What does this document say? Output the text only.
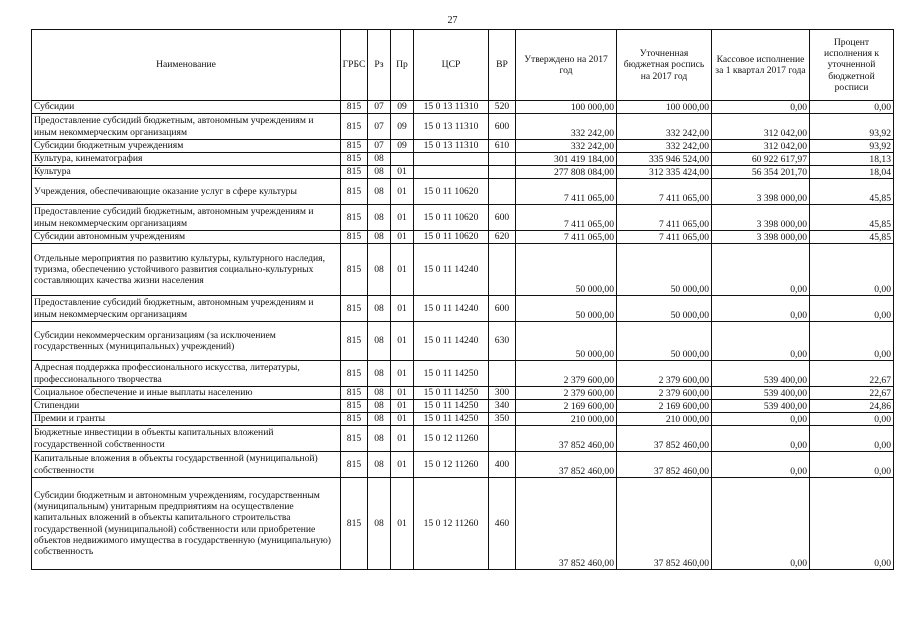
27
Наименование	ГРБС	Рз	Пр	ЦСР	ВР	Утверждено на 2017 год	Уточненная бюджетная роспись на 2017 год	Кассовое исполнение за 1 квартал 2017 года	Процент исполнения к уточненной бюджетной росписи
Субсидии	815	07	09	15 0 13 11310	520	100 000,00	100 000,00	0,00	0,00
Предоставление субсидий бюджетным, автономным учреждениям и иным некоммерческим организациям	815	07	09	15 0 13 11310	600	332 242,00	332 242,00	312 042,00	93,92
Субсидии бюджетным учреждениям	815	07	09	15 0 13 11310	610	332 242,00	332 242,00	312 042,00	93,92
Культура, кинематография	815	08				301 419 184,00	335 946 524,00	60 922 617,97	18,13
Культура	815	08	01			277 808 084,00	312 335 424,00	56 354 201,70	18,04
Учреждения, обеспечивающие оказание услуг в сфере культуры	815	08	01	15 0 11 10620		7 411 065,00	7 411 065,00	3 398 000,00	45,85
Предоставление субсидий бюджетным, автономным учреждениям и иным некоммерческим организациям	815	08	01	15 0 11 10620	600	7 411 065,00	7 411 065,00	3 398 000,00	45,85
Субсидии автономным учреждениям	815	08	01	15 0 11 10620	620	7 411 065,00	7 411 065,00	3 398 000,00	45,85
Отдельные мероприятия по развитию культуры, культурного наследия, туризма, обеспечению устойчивого развития социально-культурных составляющих качества жизни населения	815	08	01	15 0 11 14240		50 000,00	50 000,00	0,00	0,00
Предоставление субсидий бюджетным, автономным учреждениям и иным некоммерческим организациям	815	08	01	15 0 11 14240	600	50 000,00	50 000,00	0,00	0,00
Субсидии некоммерческим организациям (за исключением государственных (муниципальных) учреждений)	815	08	01	15 0 11 14240	630	50 000,00	50 000,00	0,00	0,00
Адресная поддержка профессионального искусства, литературы, профессионального творчества	815	08	01	15 0 11 14250		2 379 600,00	2 379 600,00	539 400,00	22,67
Социальное обеспечение и иные выплаты населению	815	08	01	15 0 11 14250	300	2 379 600,00	2 379 600,00	539 400,00	22,67
Стипендии	815	08	01	15 0 11 14250	340	2 169 600,00	2 169 600,00	539 400,00	24,86
Премии и гранты	815	08	01	15 0 11 14250	350	210 000,00	210 000,00	0,00	0,00
Бюджетные инвестиции в объекты капитальных вложений государственной собственности	815	08	01	15 0 12 11260		37 852 460,00	37 852 460,00	0,00	0,00
Капитальные вложения в объекты государственной (муниципальной) собственности	815	08	01	15 0 12 11260	400	37 852 460,00	37 852 460,00	0,00	0,00
Субсидии бюджетным и автономным учреждениям, государственным (муниципальным) унитарным предприятиям на осуществление капитальных вложений в объекты капитального строительства государственной (муниципальной) собственности или приобретение объектов недвижимого имущества в государственную (муниципальную) собственность	815	08	01	15 0 12 11260	460	37 852 460,00	37 852 460,00	0,00	0,00
